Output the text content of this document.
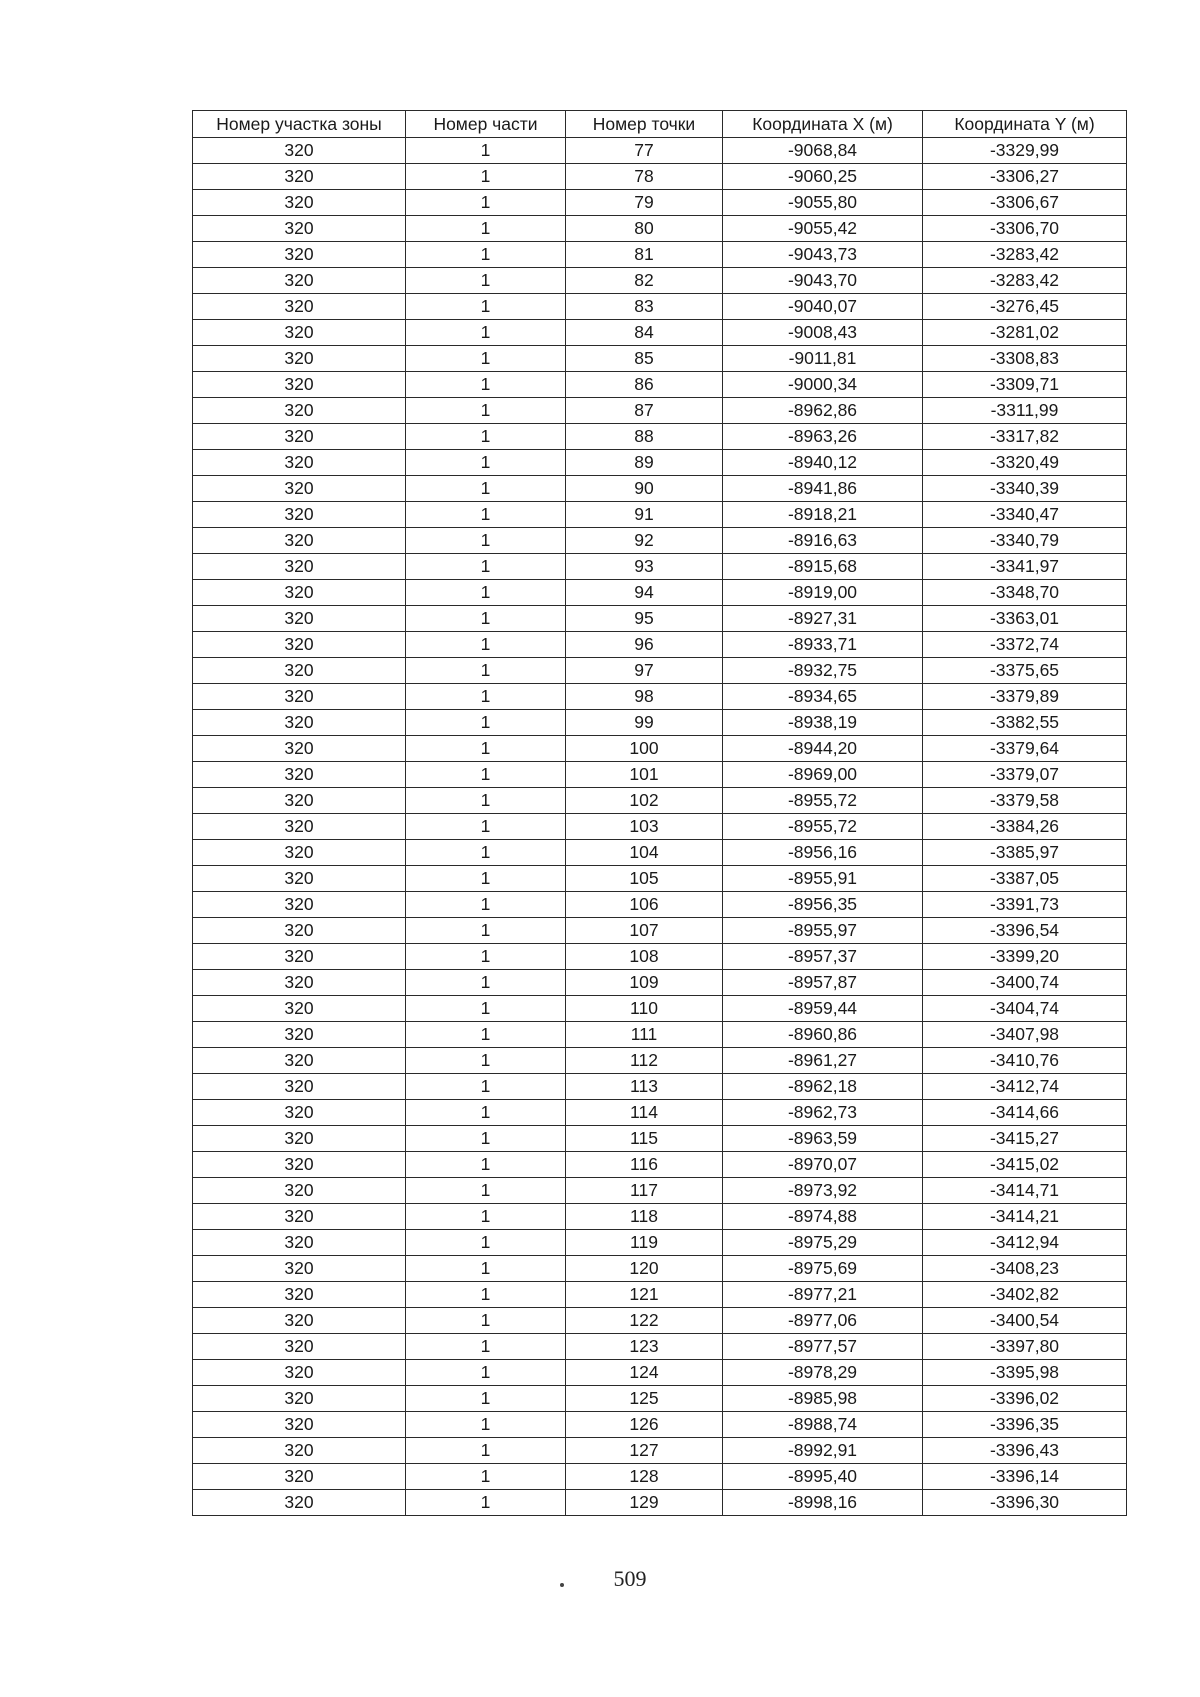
Номер участка зоны	Номер части	Номер точки	Координата X (м)	Координата Y (м)
320	1	77	-9068,84	-3329,99
320	1	78	-9060,25	-3306,27
320	1	79	-9055,80	-3306,67
320	1	80	-9055,42	-3306,70
320	1	81	-9043,73	-3283,42
320	1	82	-9043,70	-3283,42
320	1	83	-9040,07	-3276,45
320	1	84	-9008,43	-3281,02
320	1	85	-9011,81	-3308,83
320	1	86	-9000,34	-3309,71
320	1	87	-8962,86	-3311,99
320	1	88	-8963,26	-3317,82
320	1	89	-8940,12	-3320,49
320	1	90	-8941,86	-3340,39
320	1	91	-8918,21	-3340,47
320	1	92	-8916,63	-3340,79
320	1	93	-8915,68	-3341,97
320	1	94	-8919,00	-3348,70
320	1	95	-8927,31	-3363,01
320	1	96	-8933,71	-3372,74
320	1	97	-8932,75	-3375,65
320	1	98	-8934,65	-3379,89
320	1	99	-8938,19	-3382,55
320	1	100	-8944,20	-3379,64
320	1	101	-8969,00	-3379,07
320	1	102	-8955,72	-3379,58
320	1	103	-8955,72	-3384,26
320	1	104	-8956,16	-3385,97
320	1	105	-8955,91	-3387,05
320	1	106	-8956,35	-3391,73
320	1	107	-8955,97	-3396,54
320	1	108	-8957,37	-3399,20
320	1	109	-8957,87	-3400,74
320	1	110	-8959,44	-3404,74
320	1	111	-8960,86	-3407,98
320	1	112	-8961,27	-3410,76
320	1	113	-8962,18	-3412,74
320	1	114	-8962,73	-3414,66
320	1	115	-8963,59	-3415,27
320	1	116	-8970,07	-3415,02
320	1	117	-8973,92	-3414,71
320	1	118	-8974,88	-3414,21
320	1	119	-8975,29	-3412,94
320	1	120	-8975,69	-3408,23
320	1	121	-8977,21	-3402,82
320	1	122	-8977,06	-3400,54
320	1	123	-8977,57	-3397,80
320	1	124	-8978,29	-3395,98
320	1	125	-8985,98	-3396,02
320	1	126	-8988,74	-3396,35
320	1	127	-8992,91	-3396,43
320	1	128	-8995,40	-3396,14
320	1	129	-8998,16	-3396,30
509
